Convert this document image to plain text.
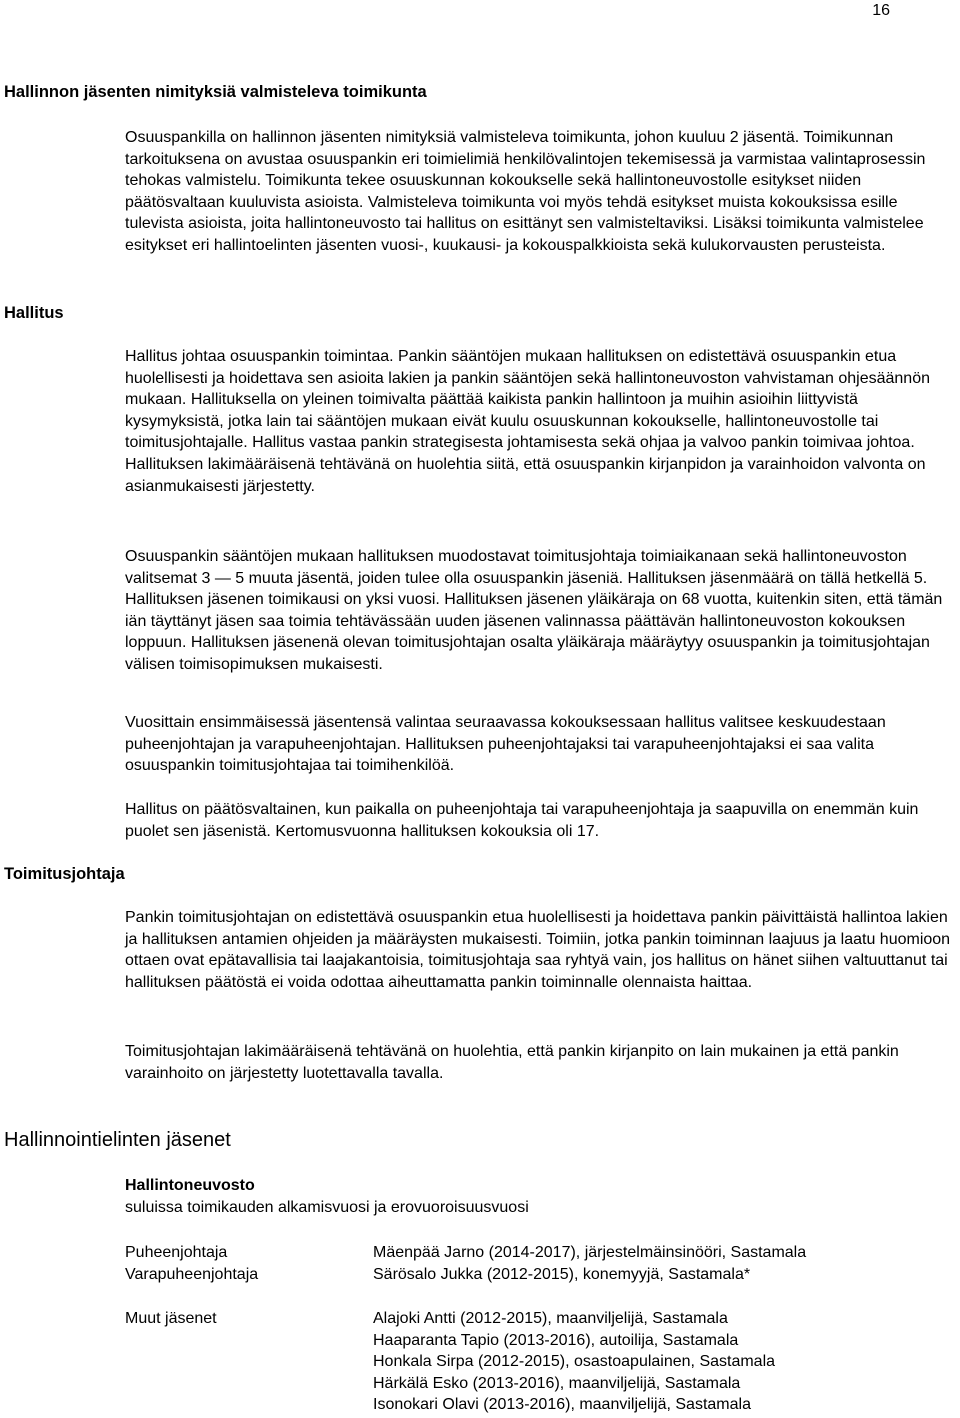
16
Hallinnon jäsenten nimityksiä valmisteleva toimikunta

Osuuspankilla on hallinnon jäsenten nimityksiä valmisteleva toimikunta, johon kuuluu 2 jäsentä. Toimikunnan tarkoituksena on avustaa osuuspankin eri toimielimiä henkilövalintojen tekemisessä ja varmistaa valintaprosessin tehokas valmistelu. Toimikunta tekee osuuskunnan kokoukselle sekä hallintoneuvostolle esitykset niiden päätösvaltaan kuuluvista asioista. Valmisteleva toimikunta voi myös tehdä esitykset muista kokouksissa esille tulevista asioista, joita hallintoneuvosto tai hallitus on esittänyt sen valmisteltaviksi. Lisäksi toimikunta valmistelee esitykset eri hallintoelinten jäsenten vuosi-, kuukausi- ja kokouspalkkioista sekä kulukorvausten perusteista.

Hallitus

Hallitus johtaa osuuspankin toimintaa. Pankin sääntöjen mukaan hallituksen on edistettävä osuuspankin etua huolellisesti ja hoidettava sen asioita lakien ja pankin sääntöjen sekä hallintoneuvoston vahvistaman ohjesäännön mukaan. Hallituksella on yleinen toimivalta päättää kaikista pankin hallintoon ja muihin asioihin liittyvistä kysymyksistä, jotka lain tai sääntöjen mukaan eivät kuulu osuuskunnan kokoukselle, hallintoneuvostolle tai toimitusjohtajalle. Hallitus vastaa pankin strategisesta johtamisesta sekä ohjaa ja valvoo pankin toimivaa johtoa. Hallituksen lakimääräisenä tehtävänä on huolehtia siitä, että osuuspankin kirjanpidon ja varainhoidon valvonta on asianmukaisesti järjestetty.

Osuuspankin sääntöjen mukaan hallituksen muodostavat toimitusjohtaja toimiaikanaan sekä hallintoneuvoston valitsemat 3 — 5 muuta jäsentä, joiden tulee olla osuuspankin jäseniä. Hallituksen jäsenmäärä on tällä hetkellä 5. Hallituksen jäsenen toimikausi on yksi vuosi. Hallituksen jäsenen yläikäraja on 68 vuotta, kuitenkin siten, että tämän iän täyttänyt jäsen saa toimia tehtävässään uuden jäsenen valinnassa päättävän hallintoneuvoston kokouksen loppuun. Hallituksen jäsenenä olevan toimitusjohtajan osalta yläikäraja määräytyy osuuspankin ja toimitusjohtajan välisen toimisopimuksen mukaisesti.

Vuosittain ensimmäisessä jäsentensä valintaa seuraavassa kokouksessaan hallitus valitsee keskuudestaan puheenjohtajan ja varapuheenjohtajan. Hallituksen puheenjohtajaksi tai varapuheenjohtajaksi ei saa valita osuuspankin toimitusjohtajaa tai toimihenkilöä.

Hallitus on päätösvaltainen, kun paikalla on puheenjohtaja tai varapuheenjohtaja ja saapuvilla on enemmän kuin puolet sen jäsenistä. Kertomusvuonna hallituksen kokouksia oli 17.

Toimitusjohtaja

Pankin toimitusjohtajan on edistettävä osuuspankin etua huolellisesti ja hoidettava pankin päivittäistä hallintoa lakien ja hallituksen antamien ohjeiden ja määräysten mukaisesti. Toimiin, jotka pankin toiminnan laajuus ja laatu huomioon ottaen ovat epätavallisia tai laajakantoisia, toimitusjohtaja saa ryhtyä vain, jos hallitus on hänet siihen valtuuttanut tai hallituksen päätöstä ei voida odottaa aiheuttamatta pankin toiminnalle olennaista haittaa.

Toimitusjohtajan lakimääräisenä tehtävänä on huolehtia, että pankin kirjanpito on lain mukainen ja että pankin varainhoito on järjestetty luotettavalla tavalla.

Hallinnointielinten jäsenet
Hallintoneuvosto
suluissa toimikauden alkamisvuosi ja erovuoroisuusvuosi
Puheenjohtaja	Mäenpää Jarno (2014-2017), järjestelmäinsinööri, Sastamala
Varapuheenjohtaja	Särösalo Jukka (2012-2015), konemyyjä, Sastamala*
Muut jäsenet	Alajoki Antti (2012-2015), maanviljelijä, Sastamala
Haaparanta Tapio (2013-2016), autoilija, Sastamala
Honkala Sirpa (2012-2015), osastoapulainen, Sastamala
Härkälä Esko (2013-2016), maanviljelijä, Sastamala
Isonokari Olavi (2013-2016), maanviljelijä, Sastamala
